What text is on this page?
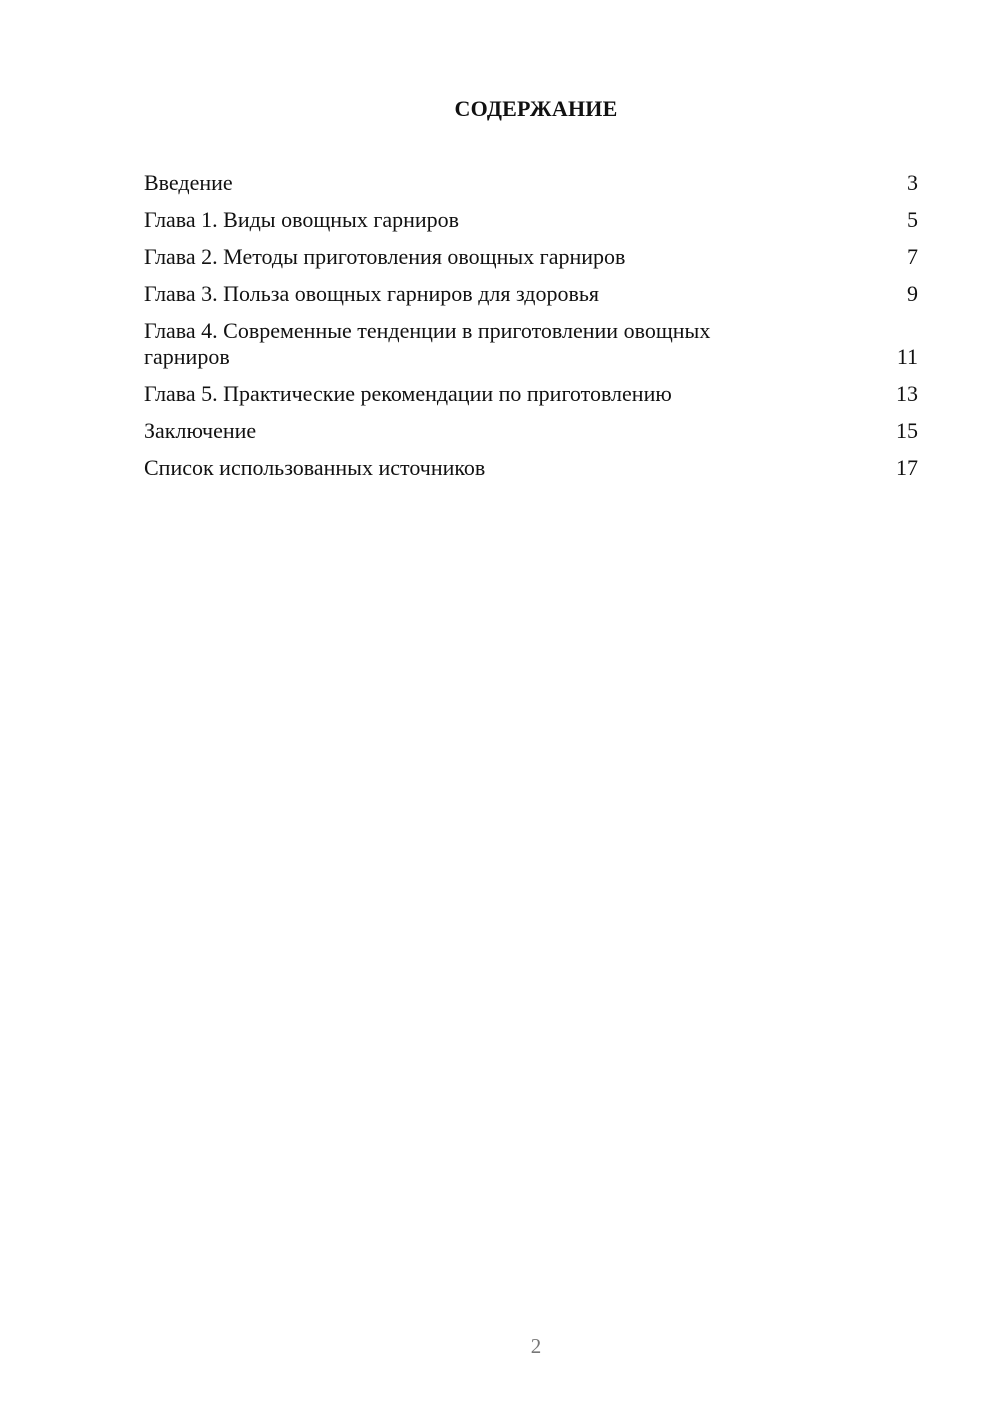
СОДЕРЖАНИЕ
Введение	3
Глава 1. Виды овощных гарниров	5
Глава 2. Методы приготовления овощных гарниров	7
Глава 3. Польза овощных гарниров для здоровья	9
Глава 4. Современные тенденции в приготовлении овощных гарниров	11
Глава 5. Практические рекомендации по приготовлению	13
Заключение	15
Список использованных источников	17
2
